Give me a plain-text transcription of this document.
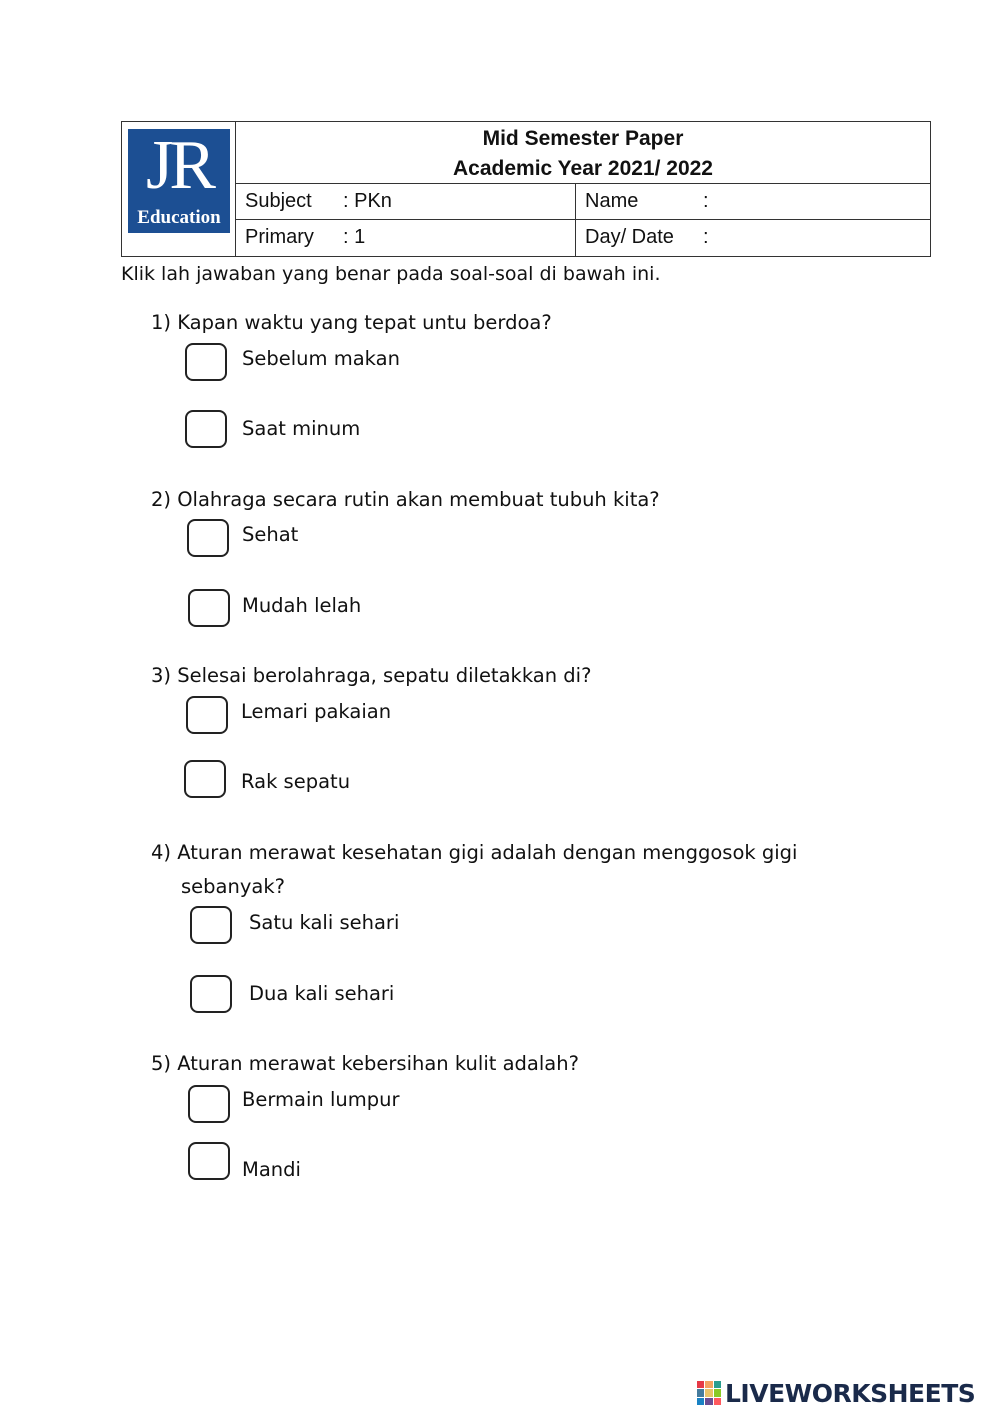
JR
Education
Mid Semester Paper
Academic Year 2021/ 2022
Subject : PKn	Name	:
Primary : 1	Day/ Date :
Klik lah jawaban yang benar pada soal-soal di bawah ini.
1) Kapan waktu yang tepat untu berdoa?
Sebelum makan
Saat minum
2) Olahraga secara rutin akan membuat tubuh kita?
Sehat
Mudah lelah
3) Selesai berolahraga, sepatu diletakkan di?
Lemari pakaian
Rak sepatu
4) Aturan merawat kesehatan gigi adalah dengan menggosok gigi
sebanyak?
Satu kali sehari
Dua kali sehari
5) Aturan merawat kebersihan kulit adalah?
Bermain lumpur
Mandi
LIVEWORKSHEETS
